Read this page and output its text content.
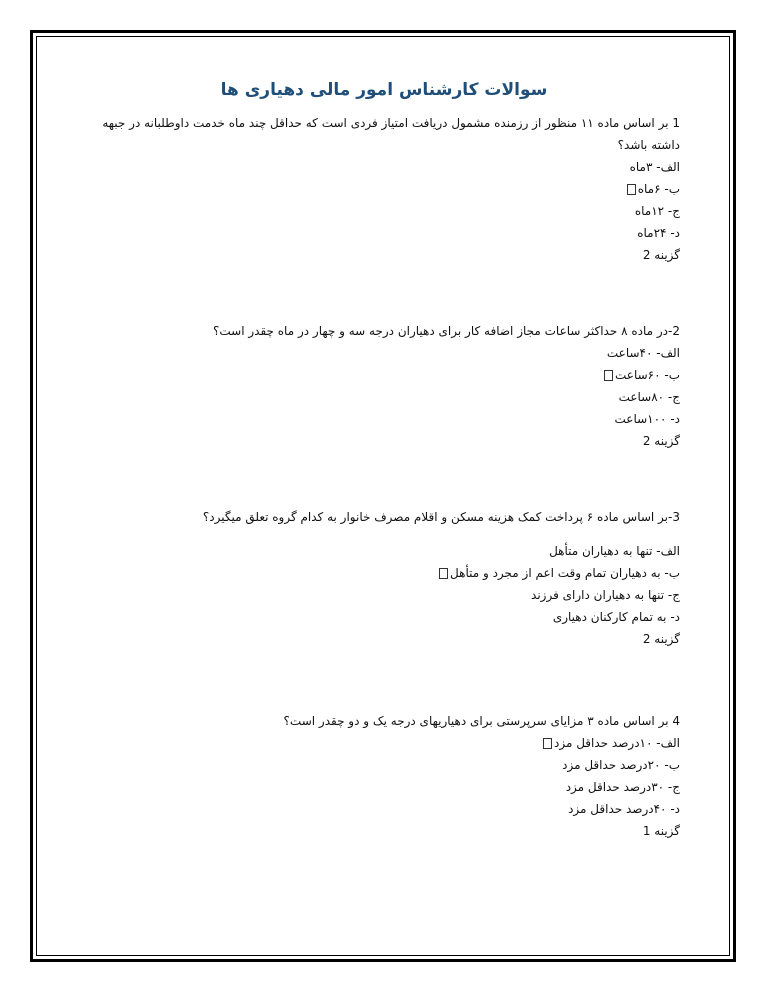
سوالات کارشناس امور مالی دهیاری ها
1 بر اساس ماده ۱۱ منظور از رزمنده مشمول دریافت امتیاز فردی است که حداقل چند ماه خدمت داوطلبانه در جبهه داشته باشد؟
الف- ۳ماه
ب- ۶ماه
ج- ۱۲ماه
د- ۲۴ماه
گزینه 2
2-در ماده ۸ حداکثر ساعات مجاز اضافه کار برای دهیاران درجه سه و چهار در ماه چقدر است؟
الف- ۴۰ساعت
ب- ۶۰ساعت
ج- ۸۰ساعت
د- ۱۰۰ساعت
گزینه 2
3-بر اساس ماده ۶ پرداخت کمک هزینه مسکن و اقلام مصرف خانوار به کدام گروه تعلق میگیرد؟
الف- تنها به دهیاران متأهل
ب- به دهیاران تمام وقت اعم از مجرد و متأهل
ج- تنها به دهیاران دارای فرزند
د- به تمام کارکنان دهیاری
گزینه 2
4 بر اساس ماده ۳ مزایای سرپرستی برای دهیاریهای درجه یک و دو چقدر است؟
الف- ۱۰درصد حداقل مزد
ب- ۲۰درصد حداقل مزد
ج- ۳۰درصد حداقل مزد
د- ۴۰درصد حداقل مزد
گزینه 1
